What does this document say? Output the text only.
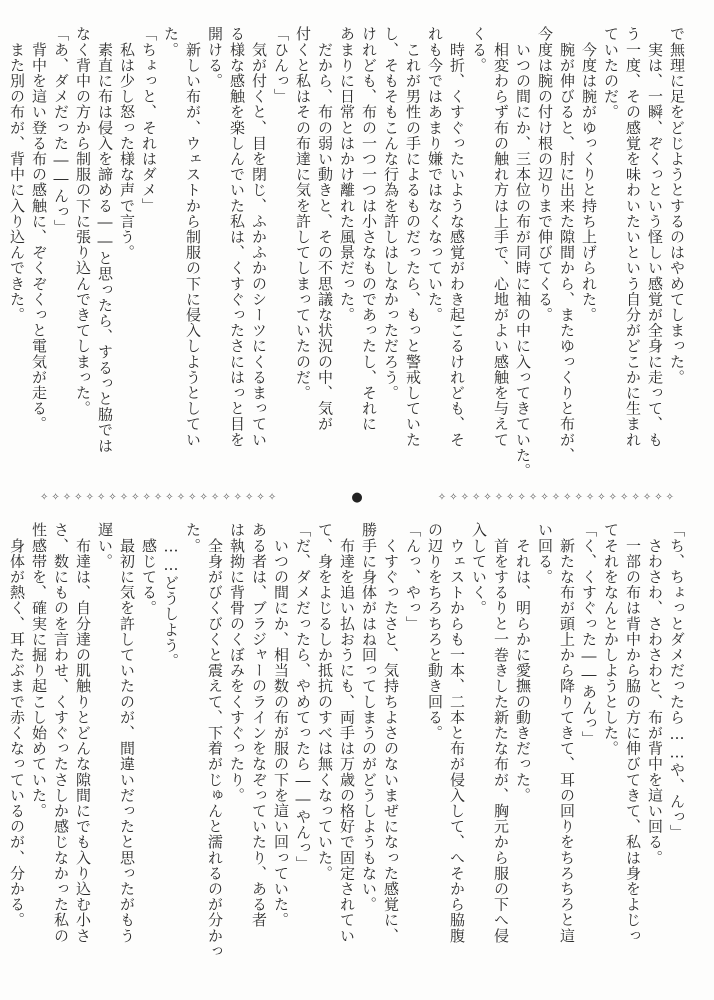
で無理に足をどじようとするのはやめてしまった。
　実は、一瞬、ぞくっという怪しい感覚が全身に走って、も
う一度、その感覚を味わいたいという自分がどこかに生まれ
ていたのだ。
　今度は腕がゆっくりと持ち上げられた。
　腕が伸びると、肘に出来た隙間から、またゆっくりと布が、
今度は腕の付け根の辺りまで伸びてくる。
　いつの間にか、三本位の布が同時に袖の中に入ってきていた。
　相変わらず布の触れ方は上手で、心地がよい感触を与えて
くる。
　時折、くすぐったいような感覚がわき起こるけれども、そ
れも今ではあまり嫌ではなくなっていた。
　これが男性の手によるものだったら、もっと警戒していた
し、そもそもこんな行為を許しはしなかっただろう。
けれども、布の一つ一つは小さなものであったし、それに
あまりに日常とはかけ離れた風景だった。
　だから、布の弱い動きと、その不思議な状況の中、気が
付くと私はその布達に気を許してしまっていたのだ。
「ひんっ」
　気が付くと、目を閉じ、ふかふかのシーツにくるまってい
る様な感触を楽しんでいた私は、くすぐったさにはっと目を
開ける。
　新しい布が、ウェストから制服の下に侵入しようとしてい
た。
「ちょっと、それはダメ」
　私は少し怒った様な声で言う。
　素直に布は侵入を諦める――と思ったら、するっと脇では
なく背中の方から制服の下に張り込んできてしまった。
「あ、ダメだった――んっ」
　背中を這い登る布の感触に、ぞくぞくっと電気が走る。
　また別の布が、背中に入り込んできた。
✧ ✧ ✧ ✧ ✧ ✧ ✧ ✧ ✧ ✧ ✧ ✧ ✧ ✧ ✧ ✧ ✧ ✧ ✧ ✧ ✧	●	✧ ✧ ✧ ✧ ✧ ✧ ✧ ✧ ✧ ✧ ✧ ✧ ✧ ✧ ✧ ✧ ✧ ✧ ✧ ✧ ✧
「ち、ちょっとダメだったら……や、んっ」
　さわさわ、さわさわと、布が背中を這い回る。
　一部の布は背中から脇の方に伸びてきて、私は身をよじっ
てそれをなんとかしようとした。
「く、くすぐった――あんっ」
　新たな布が頭上から降りてきて、耳の回りをちろちろと這
い回る。
　それは、明らかに愛撫の動きだった。
　首をするりと一巻きした新たな布が、胸元から服の下へ侵
入していく。
　ウェストからも一本、二本と布が侵入して、へそから脇腹
の辺りをちろちろと動き回る。
「んっ、やっ」
　くすぐったさと、気持ちよさのないまぜになった感覚に、
勝手に身体がはね回ってしまうのがどうしようもない。
　布達を追い払おうにも、両手は万歳の格好で固定されてい
て、身をよじるしか抵抗のすべは無くなっていた。
「だ、ダメだったら、やめてったら――やんっ」
　いつの間にか、相当数の布が服の下を這い回っていた。
ある者は、ブラジャーのラインをなぞっていたり、ある者
は執拗に背骨のくぼみをくすぐったり。
　全身がびくびくと震えて、下着がじゅんと濡れるのが分かっ
た。
　……どうしよう。
　感じてる。
　最初に気を許していたのが、間違いだったと思ったがもう
遅い。
　布達は、自分達の肌触りとどんな隙間にでも入り込む小さ
さ、数にものを言わせ、くすぐったさしか感じなかった私の
性感帯を、確実に掘り起こし始めていた。
　身体が熱く、耳たぶまで赤くなっているのが、分かる。
